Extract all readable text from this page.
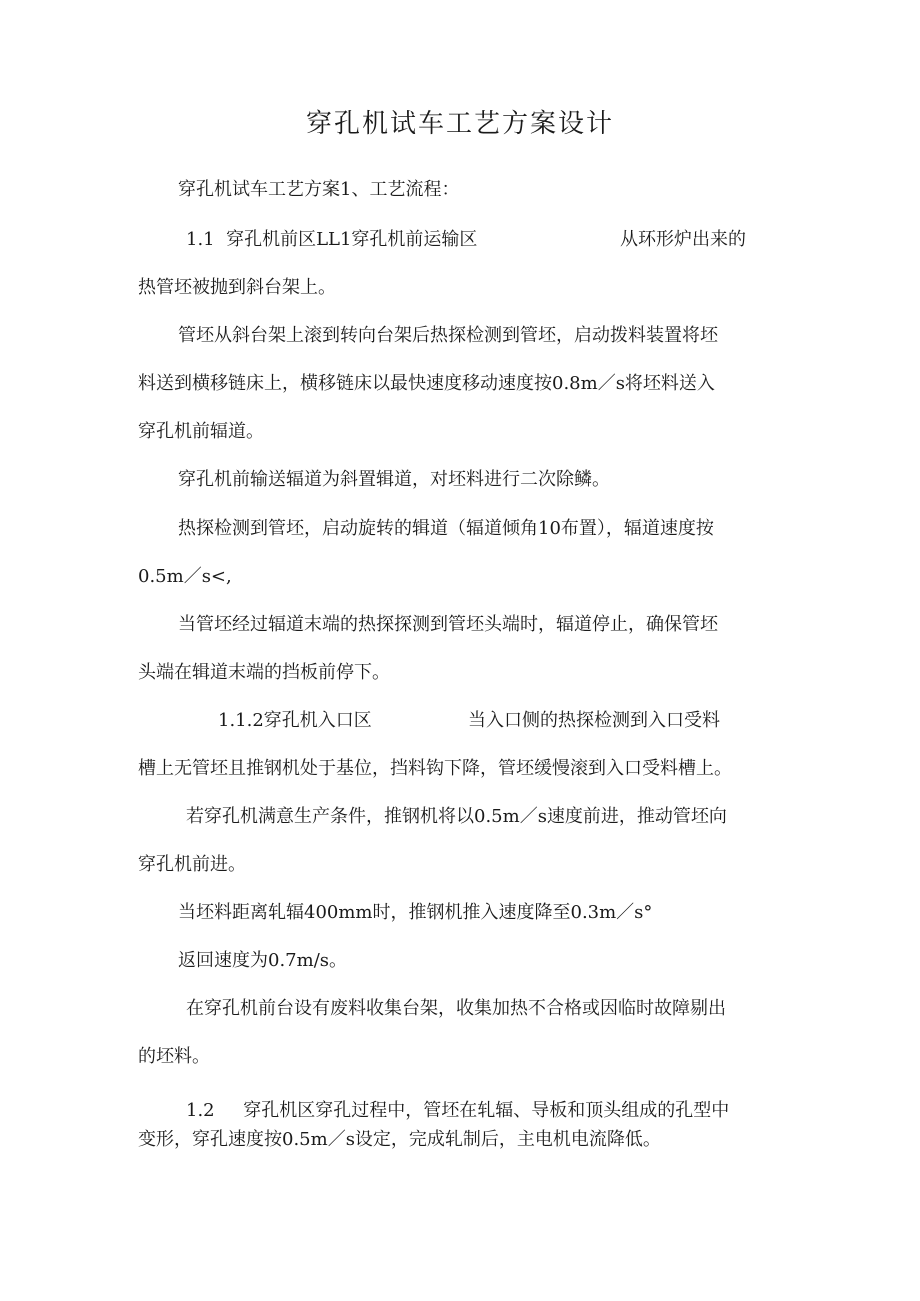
穿孔机试车工艺方案设计
穿孔机试车工艺方案1、工艺流程：
1.1  穿孔机前区LL1穿孔机前运输区	从环形炉出来的
热管坯被抛到斜台架上。
管坯从斜台架上滚到转向台架后热探检测到管坯，启动拨料装置将坯
料送到横移链床上，横移链床以最快速度移动速度按0.8m／s将坯料送入
穿孔机前辐道。
穿孔机前输送辐道为斜置辑道，对坯料进行二次除鳞。
热探检测到管坯，启动旋转的辑道（辐道倾角10布置），辐道速度按
0.5m／s<,
当管坯经过辐道末端的热探探测到管坯头端时，辐道停止，确保管坯
头端在辑道末端的挡板前停下。
1.1.2穿孔机入口区	当入口侧的热探检测到入口受料
槽上无管坯且推钢机处于基位，挡料钩下降，管坯缓慢滚到入口受料槽上。
若穿孔机满意生产条件，推钢机将以0.5m／s速度前进，推动管坯向
穿孔机前进。
当坯料距离轧辐400mm时，推钢机推入速度降至0.3m／s°
返回速度为0.7m/s。
在穿孔机前台设有废料收集台架，收集加热不合格或因临时故障剔出
的坯料。
1.2     穿孔机区穿孔过程中，管坯在轧辐、导板和顶头组成的孔型中
变形，穿孔速度按0.5m／s设定，完成轧制后，主电机电流降低。
